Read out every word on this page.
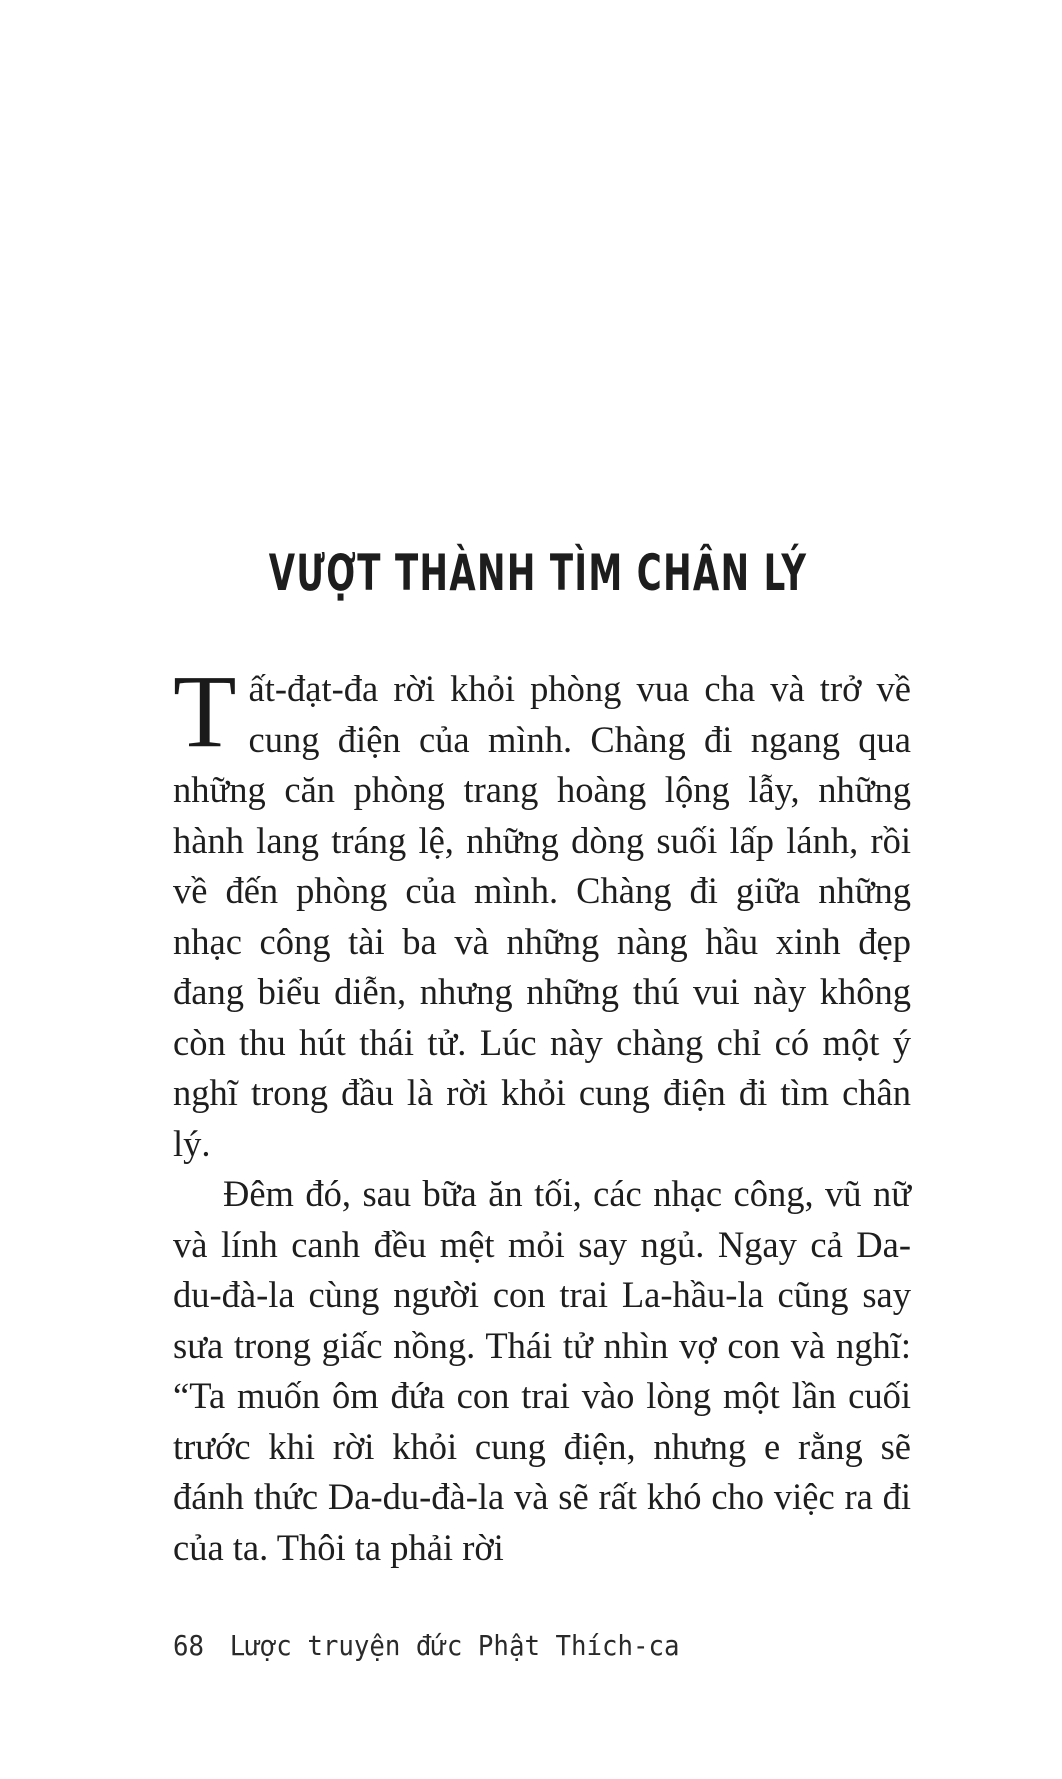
VƯỢT THÀNH TÌM CHÂN LÝ

Tất-đạt-đa rời khỏi phòng vua cha và trở về cung điện của mình. Chàng đi ngang qua những căn phòng trang hoàng lộng lẫy, những hành lang tráng lệ, những dòng suối lấp lánh, rồi về đến phòng của mình. Chàng đi giữa những nhạc công tài ba và những nàng hầu xinh đẹp đang biểu diễn, nhưng những thú vui này không còn thu hút thái tử. Lúc này chàng chỉ có một ý nghĩ trong đầu là rời khỏi cung điện đi tìm chân lý.

Đêm đó, sau bữa ăn tối, các nhạc công, vũ nữ và lính canh đều mệt mỏi say ngủ. Ngay cả Da-du-đà-la cùng người con trai La-hầu-la cũng say sưa trong giấc nồng. Thái tử nhìn vợ con và nghĩ: “Ta muốn ôm đứa con trai vào lòng một lần cuối trước khi rời khỏi cung điện, nhưng e rằng sẽ đánh thức Da-du-đà-la và sẽ rất khó cho việc ra đi của ta. Thôi ta phải rời

68 Lược truyện đức Phật Thích-ca
